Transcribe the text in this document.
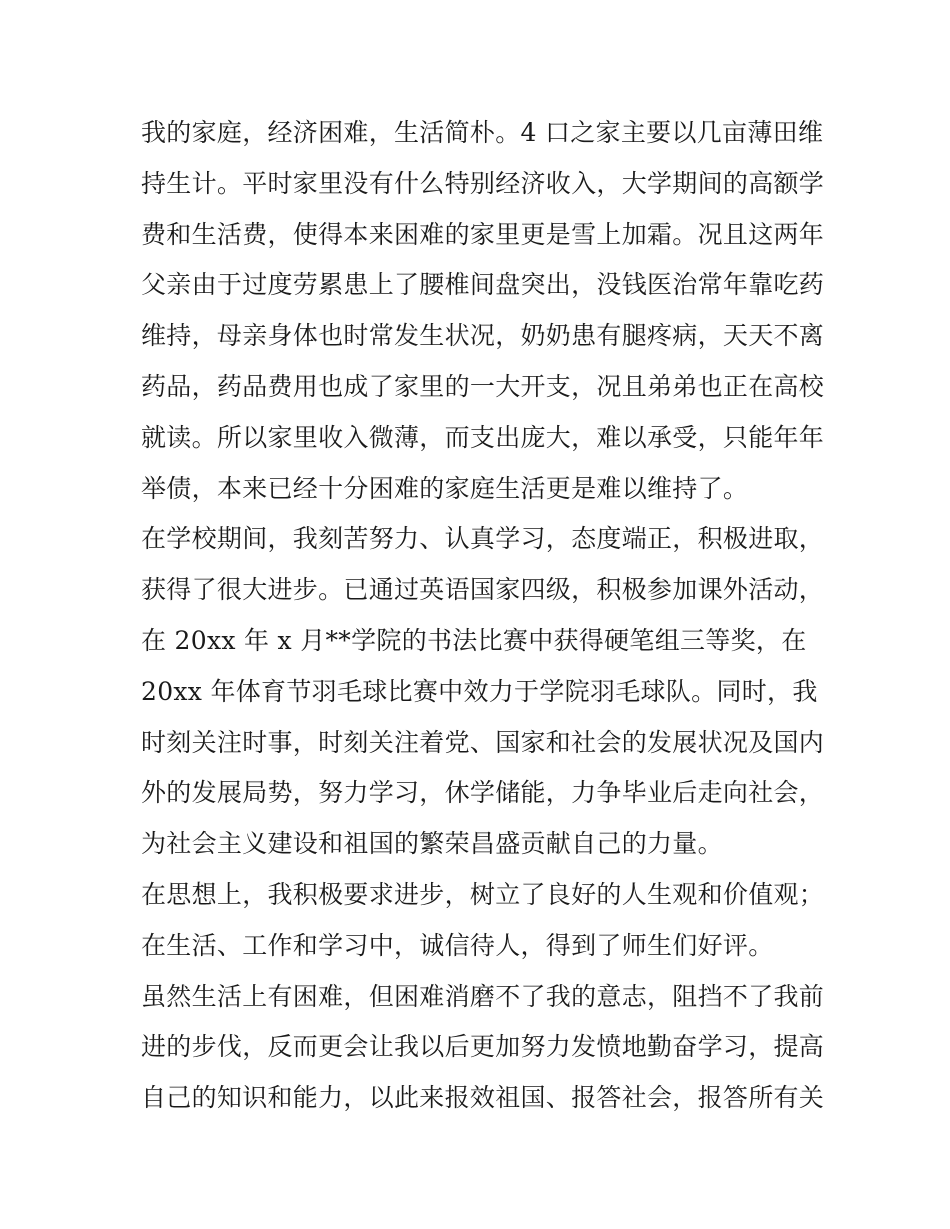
我的家庭，经济困难，生活简朴。4 口之家主要以几亩薄田维
持生计。平时家里没有什么特别经济收入，大学期间的高额学
费和生活费，使得本来困难的家里更是雪上加霜。况且这两年
父亲由于过度劳累患上了腰椎间盘突出，没钱医治常年靠吃药
维持，母亲身体也时常发生状况，奶奶患有腿疼病，天天不离
药品，药品费用也成了家里的一大开支，况且弟弟也正在高校
就读。所以家里收入微薄，而支出庞大，难以承受，只能年年
举债，本来已经十分困难的家庭生活更是难以维持了。
在学校期间，我刻苦努力、认真学习，态度端正，积极进取，
获得了很大进步。已通过英语国家四级，积极参加课外活动，
在 20xx 年 x 月**学院的书法比赛中获得硬笔组三等奖，在
20xx 年体育节羽毛球比赛中效力于学院羽毛球队。同时，我
时刻关注时事，时刻关注着党、国家和社会的发展状况及国内
外的发展局势，努力学习，休学储能，力争毕业后走向社会，
为社会主义建设和祖国的繁荣昌盛贡献自己的力量。
在思想上，我积极要求进步，树立了良好的人生观和价值观；
在生活、工作和学习中，诚信待人，得到了师生们好评。
虽然生活上有困难，但困难消磨不了我的意志，阻挡不了我前
进的步伐，反而更会让我以后更加努力发愤地勤奋学习，提高
自己的知识和能力，以此来报效祖国、报答社会，报答所有关
